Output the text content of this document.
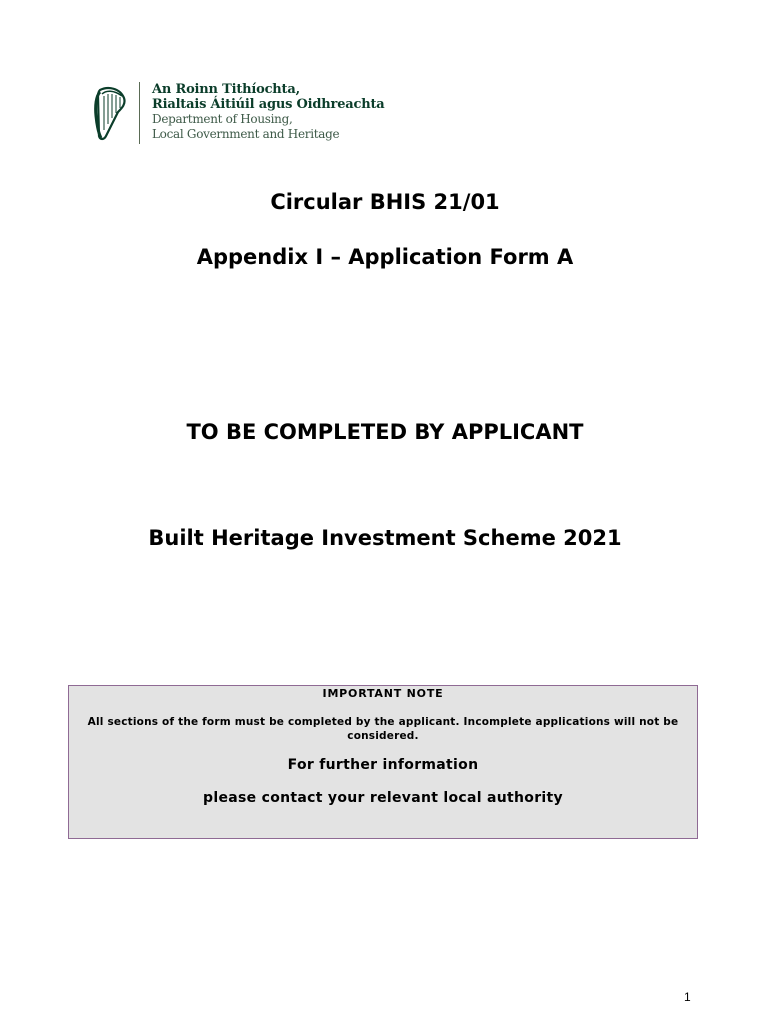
An Roinn Tithíochta,
Rialtais Áitiúil agus Oidhreachta
Department of Housing,
Local Government and Heritage
Circular BHIS 21/01
Appendix I – Application Form A
TO BE COMPLETED BY APPLICANT
Built Heritage Investment Scheme 2021
IMPORTANT NOTE
All sections of the form must be completed by the applicant. Incomplete applications will not be considered.
For further information
please contact your relevant local authority
1
